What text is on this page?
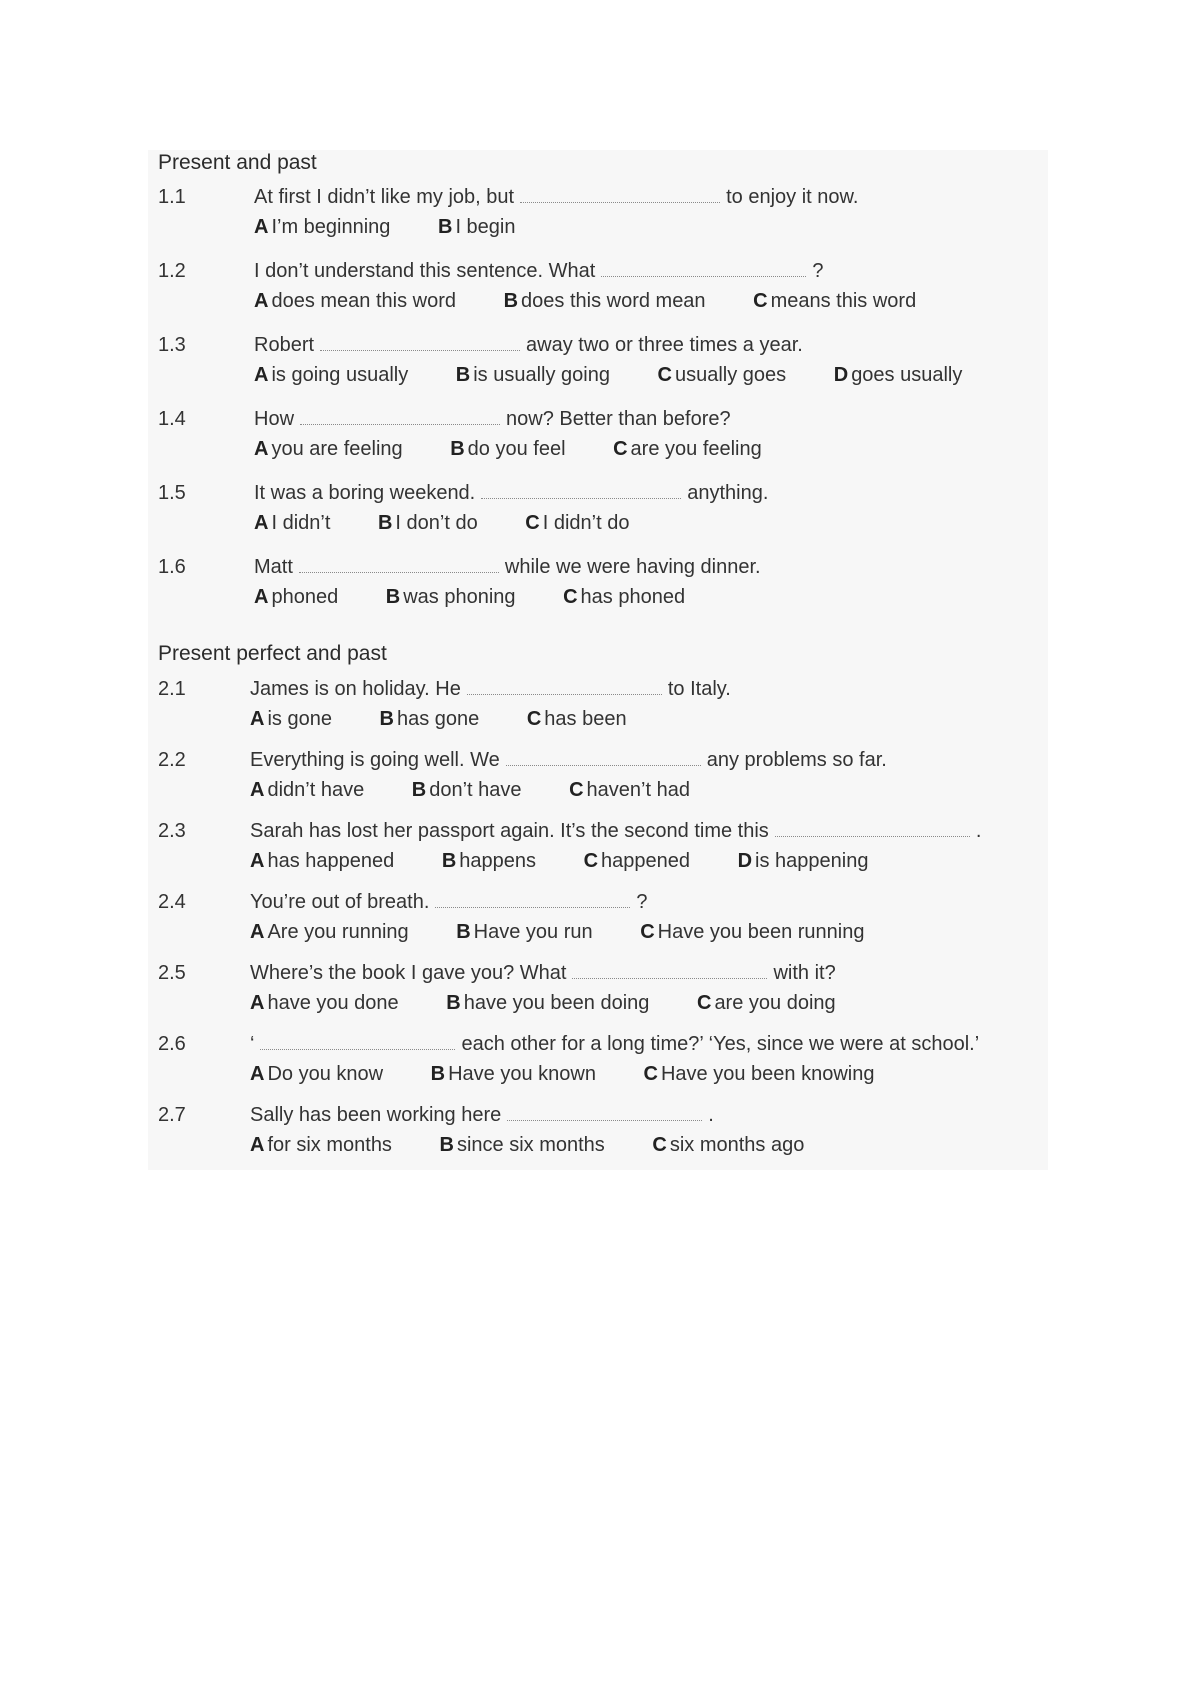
Present and past
1.1	At first I didn’t like my job, but	to enjoy it now.
A I’m beginning B I begin
1.2	I don’t understand this sentence. What	?
A does mean this word B does this word mean C means this word
1.3	Robert	away two or three times a year.
A is going usually B is usually going C usually goes D goes usually
1.4	How	now? Better than before?
A you are feeling B do you feel C are you feeling
1.5	It was a boring weekend.	anything.
A I didn’t B I don’t do C I didn’t do
1.6	Matt	while we were having dinner.
A phoned B was phoning C has phoned
Present perfect and past
2.1	James is on holiday. He	to Italy.
A is gone B has gone C has been
2.2	Everything is going well. We	any problems so far.
A didn’t have B don’t have C haven’t had
2.3	Sarah has lost her passport again. It’s the second time this	.
A has happened B happens C happened D is happening
2.4	You’re out of breath.	?
A Are you running B Have you run C Have you been running
2.5	Where’s the book I gave you? What	with it?
A have you done B have you been doing C are you doing
2.6	‘	each other for a long time?’ ‘Yes, since we were at school.’
A Do you know B Have you known C Have you been knowing
2.7	Sally has been working here	.
A for six months B since six months C six months ago
